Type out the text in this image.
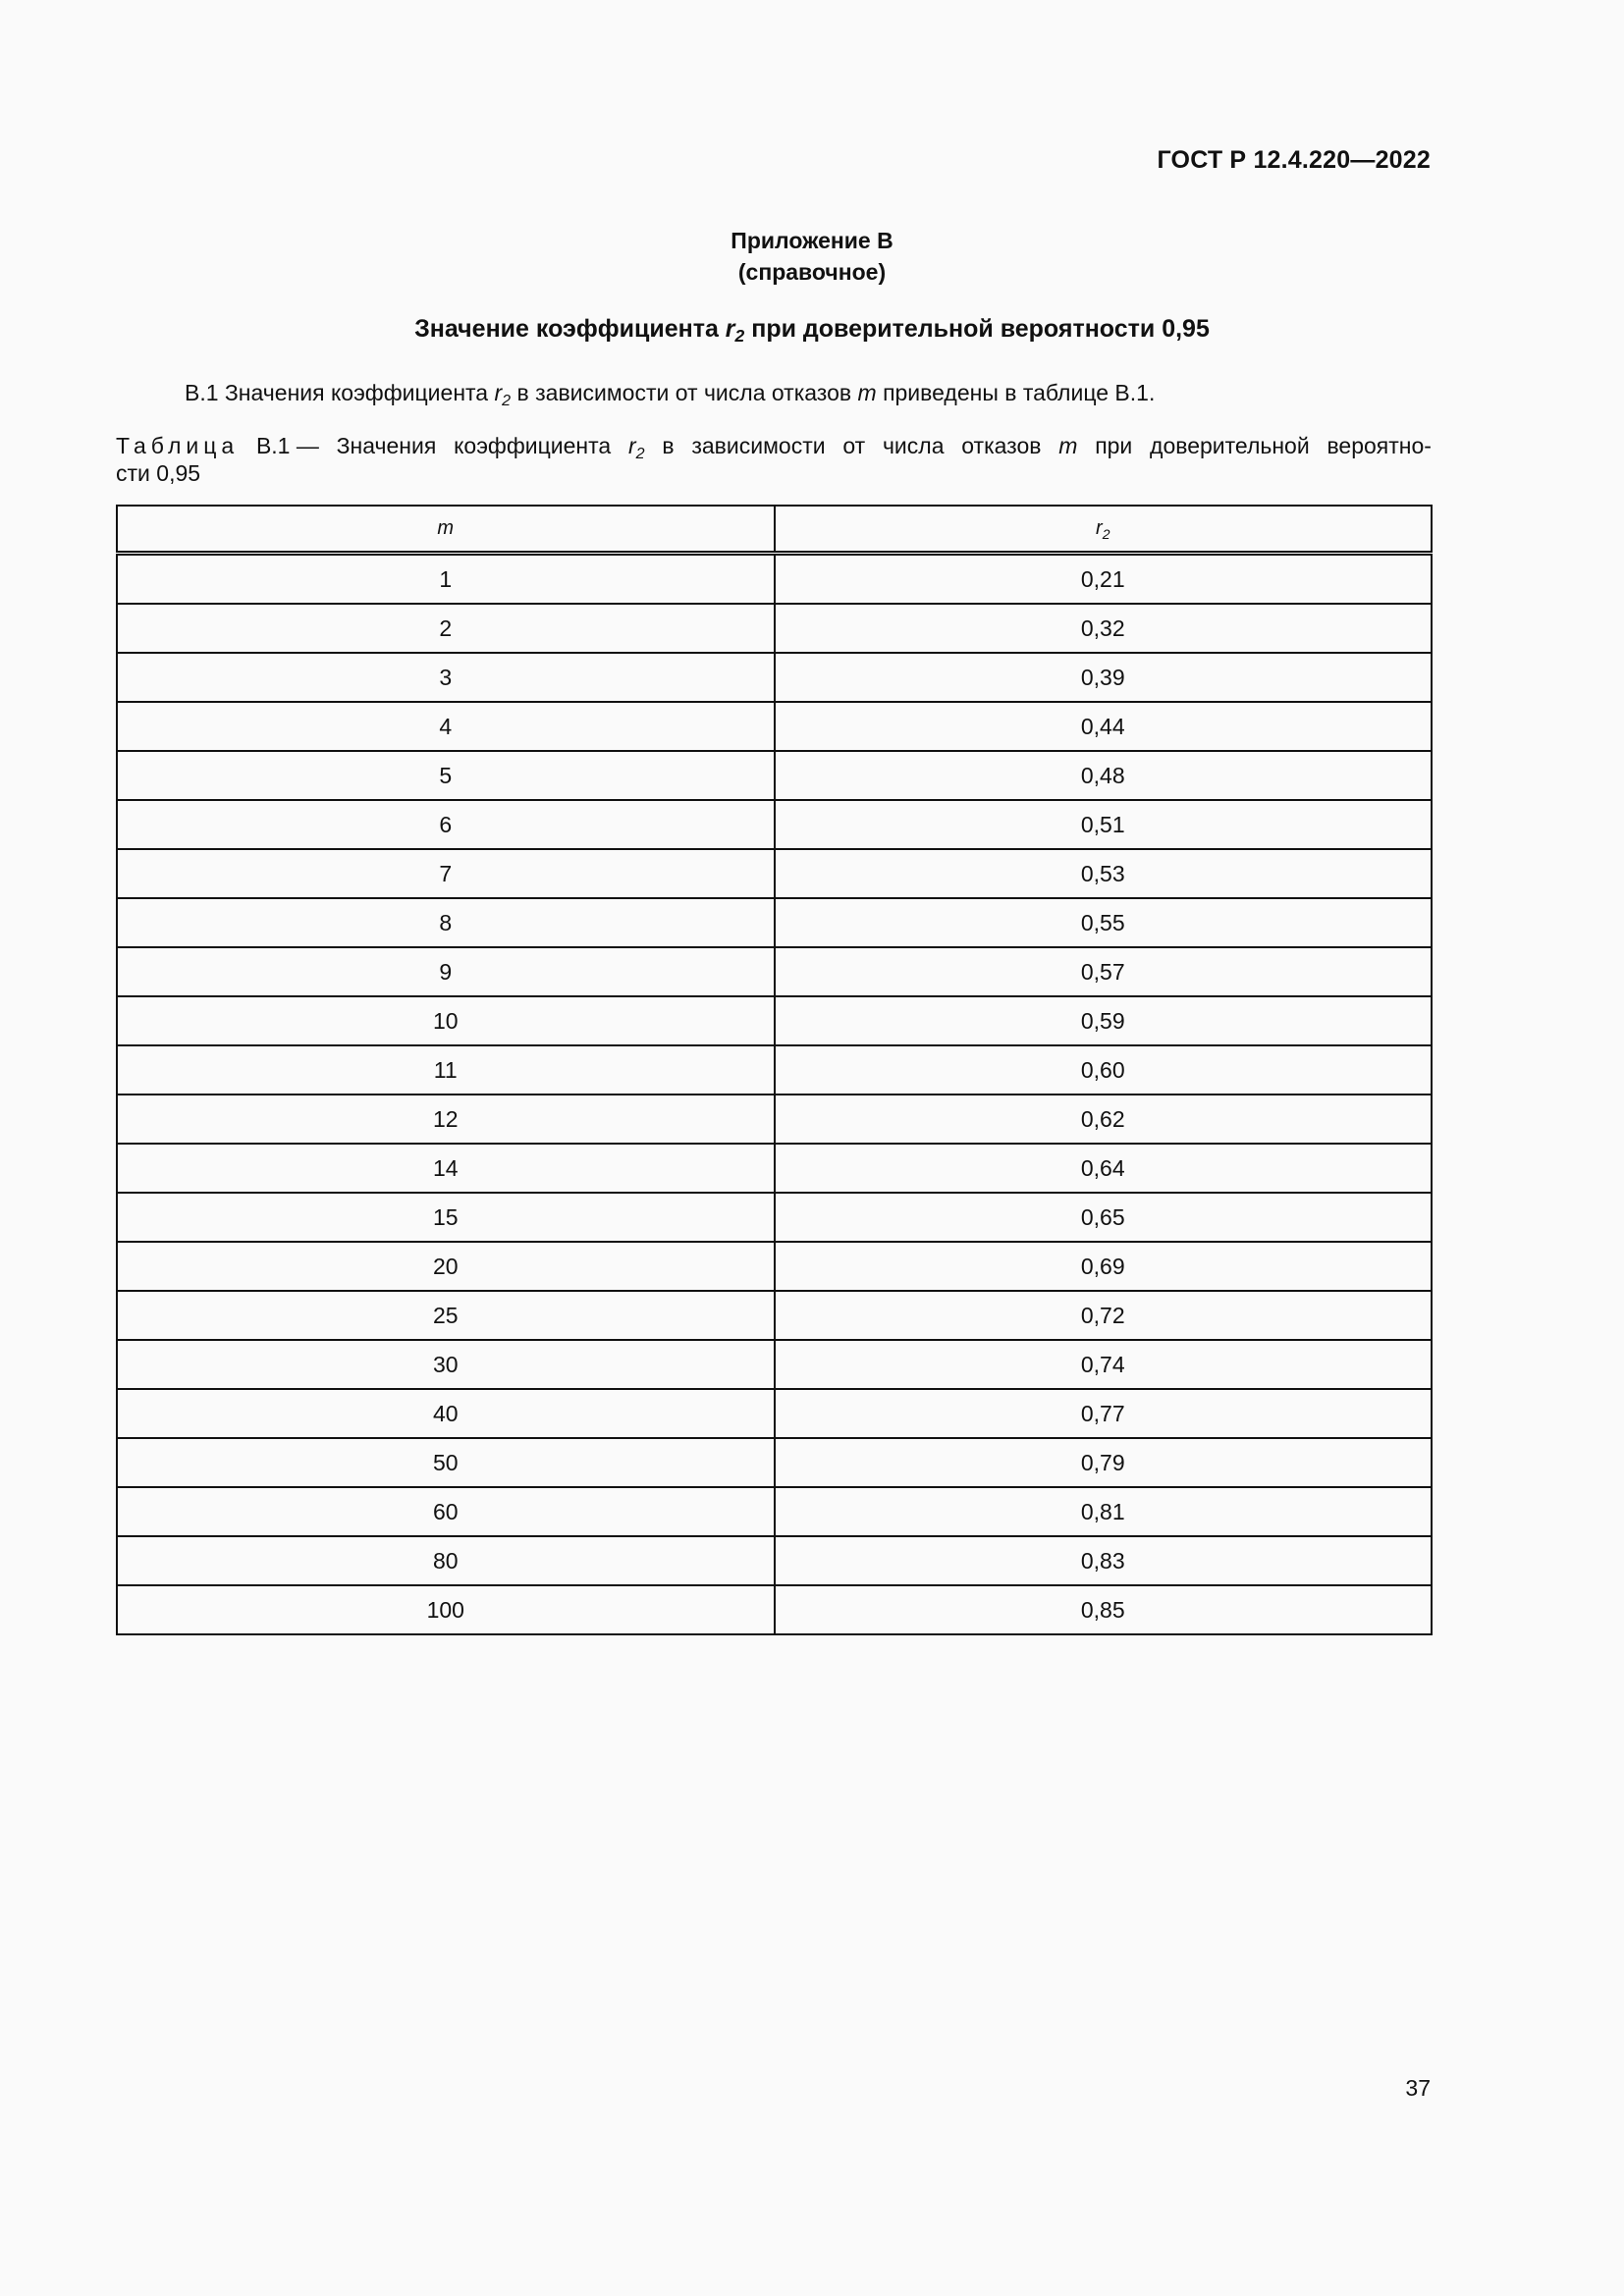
ГОСТ Р 12.4.220—2022
Приложение В
(справочное)
Значение коэффициента $r_2$ при доверительной вероятности 0,95
В.1 Значения коэффициента $r_2$ в зависимости от числа отказов m приведены в таблице В.1.
Таблица В.1 — Значения коэффициента $r_2$ в зависимости от числа отказов m при доверительной вероятно-
сти 0,95
m	$r_2$
1	0,21
2	0,32
3	0,39
4	0,44
5	0,48
6	0,51
7	0,53
8	0,55
9	0,57
10	0,59
11	0,60
12	0,62
14	0,64
15	0,65
20	0,69
25	0,72
30	0,74
40	0,77
50	0,79
60	0,81
80	0,83
100	0,85
37
